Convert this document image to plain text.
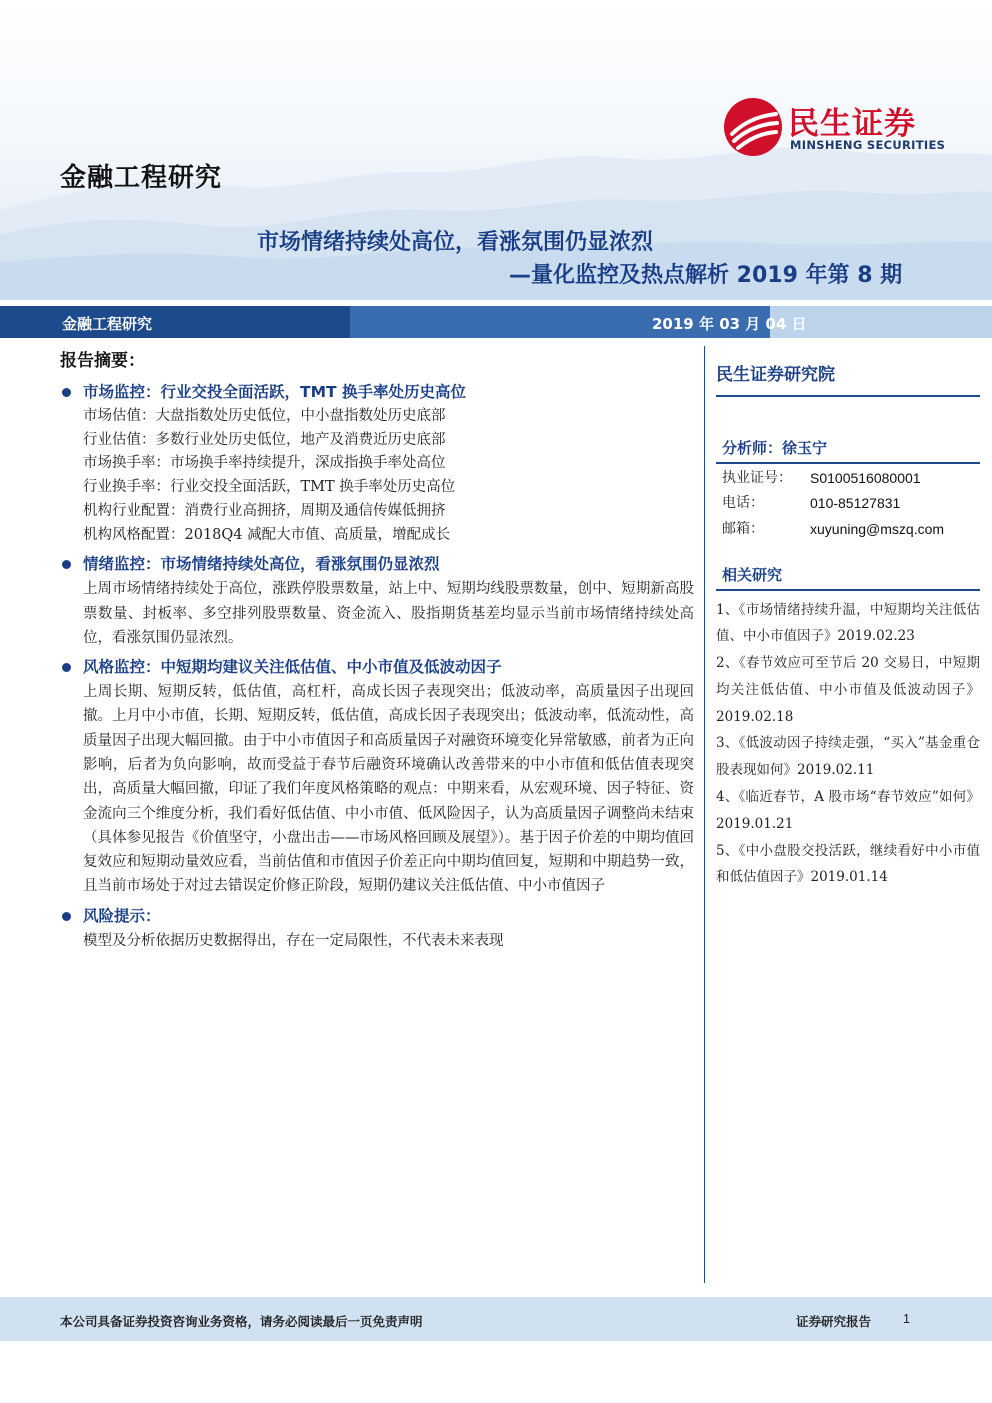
金融工程研究
民生证券
MINSHENG SECURITIES
市场情绪持续处高位，看涨氛围仍显浓烈
—量化监控及热点解析 2019 年第 8 期
金融工程研究	2019 年 03 月 04 日
报告摘要：
市场监控：行业交投全面活跃，TMT 换手率处历史高位
市场估值：大盘指数处历史低位，中小盘指数处历史底部
行业估值：多数行业处历史低位，地产及消费近历史底部
市场换手率：市场换手率持续提升，深成指换手率处高位
行业换手率：行业交投全面活跃，TMT 换手率处历史高位
机构行业配置：消费行业高拥挤，周期及通信传媒低拥挤
机构风格配置：2018Q4 减配大市值、高质量，增配成长
情绪监控：市场情绪持续处高位，看涨氛围仍显浓烈
上周市场情绪持续处于高位，涨跌停股票数量，站上中、短期均线股票数量，创中、短期新高股票数量、封板率、多空排列股票数量、资金流入、股指期货基差均显示当前市场情绪持续处高位，看涨氛围仍显浓烈。
风格监控：中短期均建议关注低估值、中小市值及低波动因子
上周长期、短期反转，低估值，高杠杆，高成长因子表现突出；低波动率，高质量因子出现回撤。上月中小市值，长期、短期反转，低估值，高成长因子表现突出；低波动率，低流动性，高质量因子出现大幅回撤。由于中小市值因子和高质量因子对融资环境变化异常敏感，前者为正向影响，后者为负向影响，故而受益于春节后融资环境确认改善带来的中小市值和低估值表现突出，高质量大幅回撤，印证了我们年度风格策略的观点：中期来看，从宏观环境、因子特征、资金流向三个维度分析，我们看好低估值、中小市值、低风险因子，认为高质量因子调整尚未结束（具体参见报告《价值坚守，小盘出击——市场风格回顾及展望》）。基于因子价差的中期均值回复效应和短期动量效应看，当前估值和市值因子价差正向中期均值回复，短期和中期趋势一致，且当前市场处于对过去错误定价修正阶段，短期仍建议关注低估值、中小市值因子
风险提示：
模型及分析依据历史数据得出，存在一定局限性，不代表未来表现
民生证券研究院
分析师：徐玉宁
执业证号：	S0100516080001
电话：	010-85127831
邮箱：	xuyuning@mszq.com
相关研究
1、《市场情绪持续升温，中短期均关注低估值、中小市值因子》2019.02.23
2、《春节效应可至节后 20 交易日，中短期均关注低估值、中小市值及低波动因子》2019.02.18
3、《低波动因子持续走强，“买入”基金重仓股表现如何》2019.02.11
4、《临近春节，A 股市场“春节效应”如何》2019.01.21
5、《中小盘股交投活跃，继续看好中小市值和低估值因子》2019.01.14
本公司具备证券投资咨询业务资格，请务必阅读最后一页免责声明	证券研究报告	1
